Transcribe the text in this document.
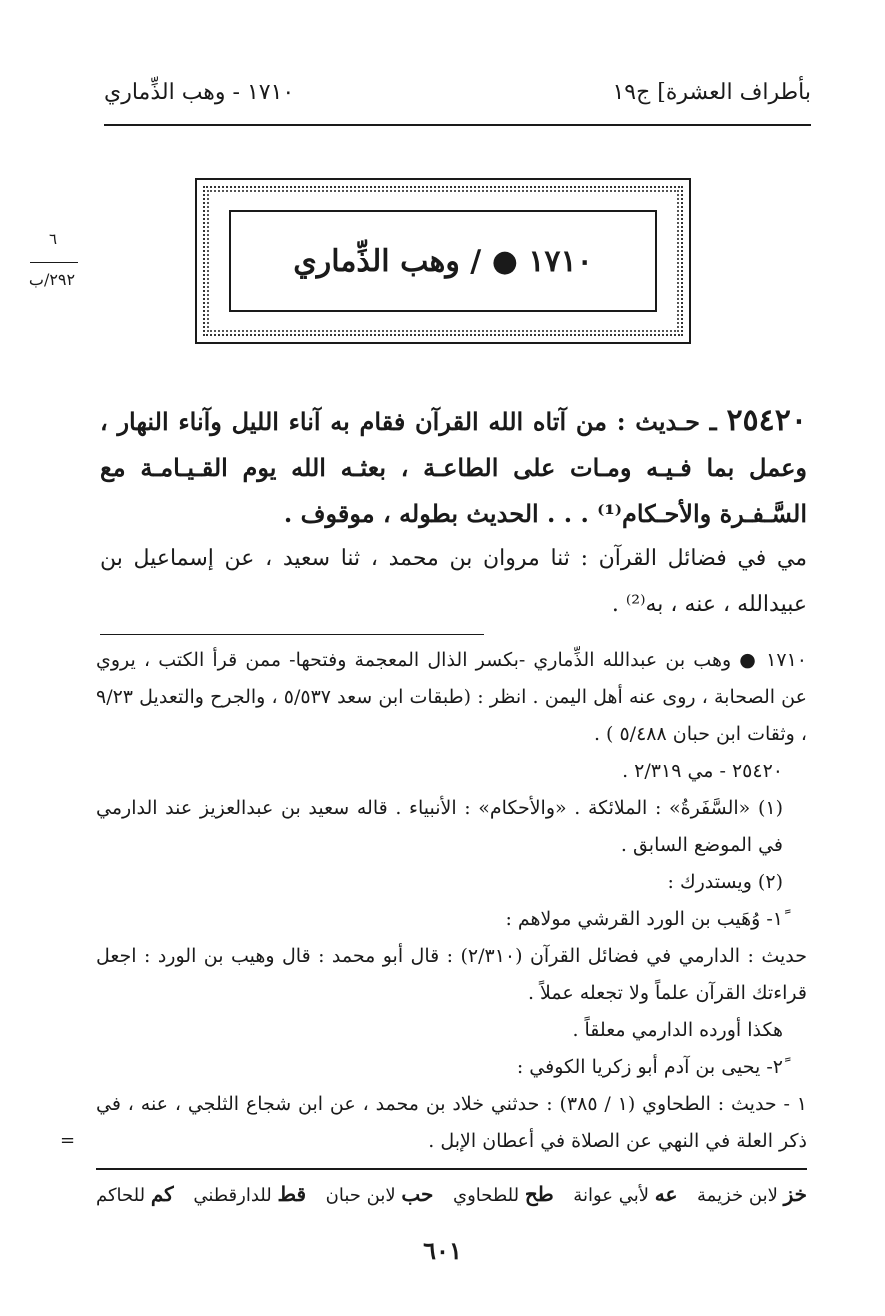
بأطراف العشرة] ج١٩
١٧١٠ - وهب الذِّماري
٦
٢٩٢/ب
١٧١٠ ● / وهب الذِّماري
٢٥٤٢٠ ـ حـديث : من آتاه الله القرآن فقام به آناء الليل وآناء النهار ، وعمل بما فـيـه ومـات على الطاعـة ، بعثـه الله يوم القـيـامـة مع السَّـفـرة والأحـكام⁽¹⁾ . . . الحديث بطوله ، موقوف .
مي في فضائل القرآن : ثنا مروان بن محمد ، ثنا سعيد ، عن إسماعيل بن عبيدالله ، عنه ، به⁽²⁾ .

١٧١٠ ● وهب بن عبدالله الذِّماري -بكسر الذال المعجمة وفتحها- ممن قرأ الكتب ، يروي عن الصحابة ، روى عنه أهل اليمن . انظر : (طبقات ابن سعد ٥/٥٣٧ ، والجرح والتعديل ٩/٢٣ ، وثقات ابن حبان ٥/٤٨٨ ) .

٢٥٤٢٠ - مي ٢/٣١٩ .

(١) «السَّفَرةُ» : الملائكة . «والأحكام» : الأنبياء . قاله سعيد بن عبدالعزيز عند الدارمي في الموضع السابق .

(٢) ويستدرك :

١ً- وُهَيب بن الورد القرشي مولاهم :

حديث : الدارمي في فضائل القرآن (٢/٣١٠) : قال أبو محمد : قال وهيب بن الورد : اجعل قراءتك القرآن علماً ولا تجعله عملاً .

هكذا أورده الدارمي معلقاً .

٢ً- يحيى بن آدم أبو زكريا الكوفي :

١ - حديث : الطحاوي (١ / ٣٨٥) : حدثني خلاد بن محمد ، عن ابن شجاع الثلجي ، عنه ، في ذكر العلة في النهي عن الصلاة في أعطان الإبل .

=
خز لابن خزيمة
عه لأبي عوانة
طح للطحاوي
حب لابن حبان
قط للدارقطني
كم للحاكم
٦٠١
